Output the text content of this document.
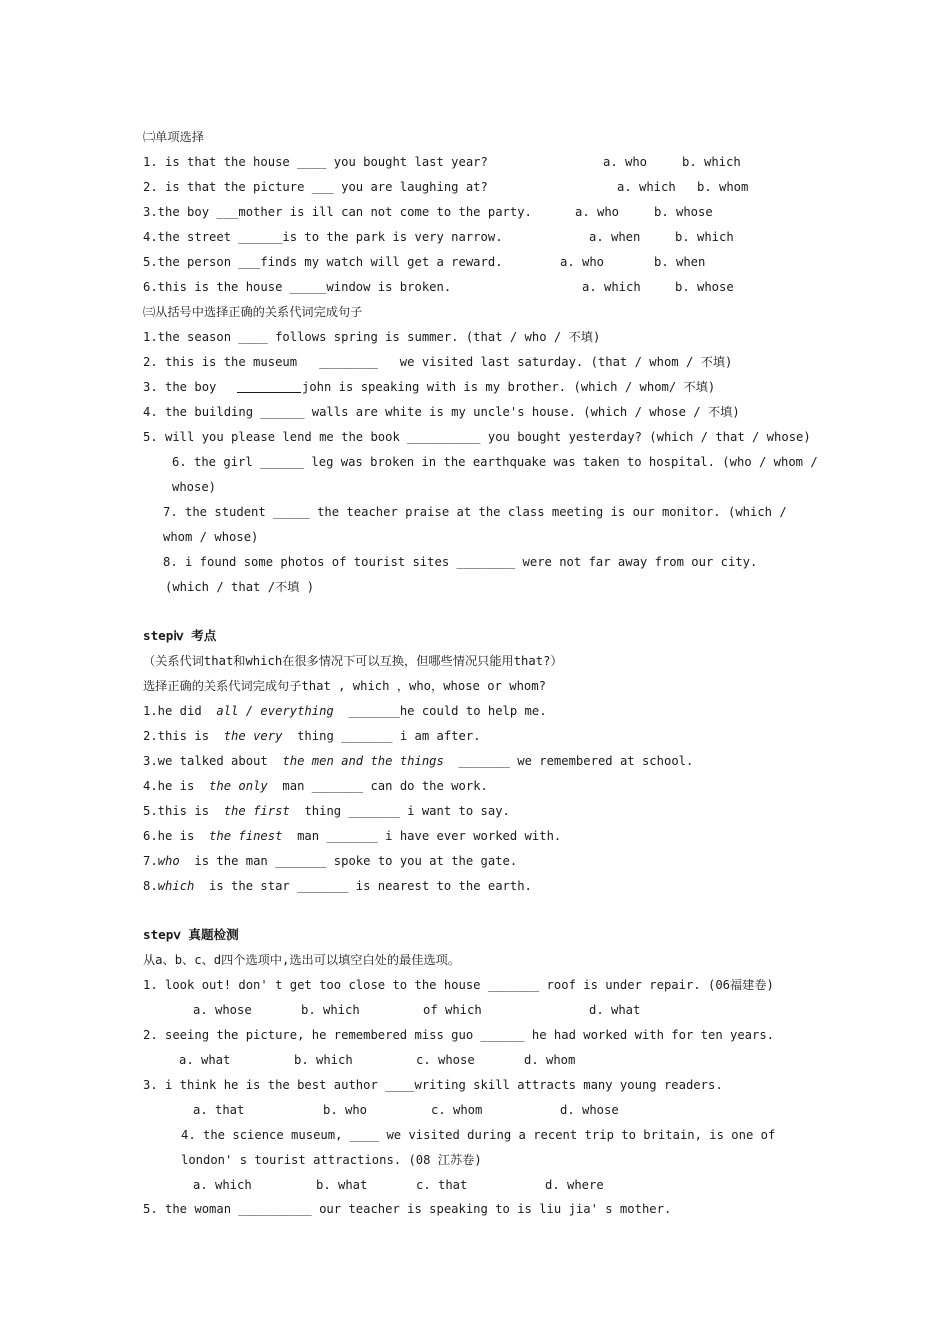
㈡单项选择
1. is that the house ____ you bought last year?	a. who	b. which
2. is that the picture ___ you are laughing at?	a. which b. whom
3.the boy ___mother is ill can not come to the party.	a. who	b. whose
4.the street ______is to the park is very narrow.	a. when	b. which
5.the person ___finds my watch will get a reward.	a. who	b. when
6.this is the house _____window is broken.	a. which	b. whose
㈢从括号中选择正确的关系代词完成句子
1.the season ____ follows spring is summer. (that / who / 不填)
2. this is the museum   ________   we visited last saturday. (that / whom / 不填)
3. the boy	john is speaking with is my brother. (which / whom/ 不填)
4. the building ______ walls are white is my uncle's house. (which / whose / 不填)
5. will you please lend me the book __________ you bought yesterday? (which / that / whose)
6. the girl ______ leg was broken in the earthquake was taken to hospital. (who / whom /
whose)
7. the student _____ the teacher praise at the class meeting is our monitor. (which /
whom / whose)
8. i found some photos of tourist sites ________ were not far away from our city.
(which / that /不填 )
stepⅳ 考点
（关系代词that和which在很多情况下可以互换，但哪些情况只能用that?）
选择正确的关系代词完成句子that , which ，who，whose or whom?
1.he did  all / everything  _______he could to help me.
2.this is  the very  thing _______ i am after.
3.we talked about  the men and the things  _______ we remembered at school.
4.he is  the only  man _______ can do the work.
5.this is  the first  thing _______ i want to say.
6.he is  the finest  man _______ i have ever worked with.
7.who  is the man _______ spoke to you at the gate.
8.which  is the star _______ is nearest to the earth.
stepⅴ 真题检测
从a、b、c、d四个选项中,选出可以填空白处的最佳选项。
1. look out! don' t get too close to the house _______ roof is under repair. (06福建卷)
a. whose	b. which	of which	d. what
2. seeing the picture, he remembered miss guo ______ he had worked with for ten years.
a. what	b. which	c. whose	d. whom
3. i think he is the best author ____writing skill attracts many young readers.
a. that	b. who	c. whom	d. whose
4. the science museum, ____ we visited during a recent trip to britain, is one of
london' s tourist attractions. (08 江苏卷)
a. which	b. what	c. that	d. where
5. the woman __________ our teacher is speaking to is liu jia' s mother.
